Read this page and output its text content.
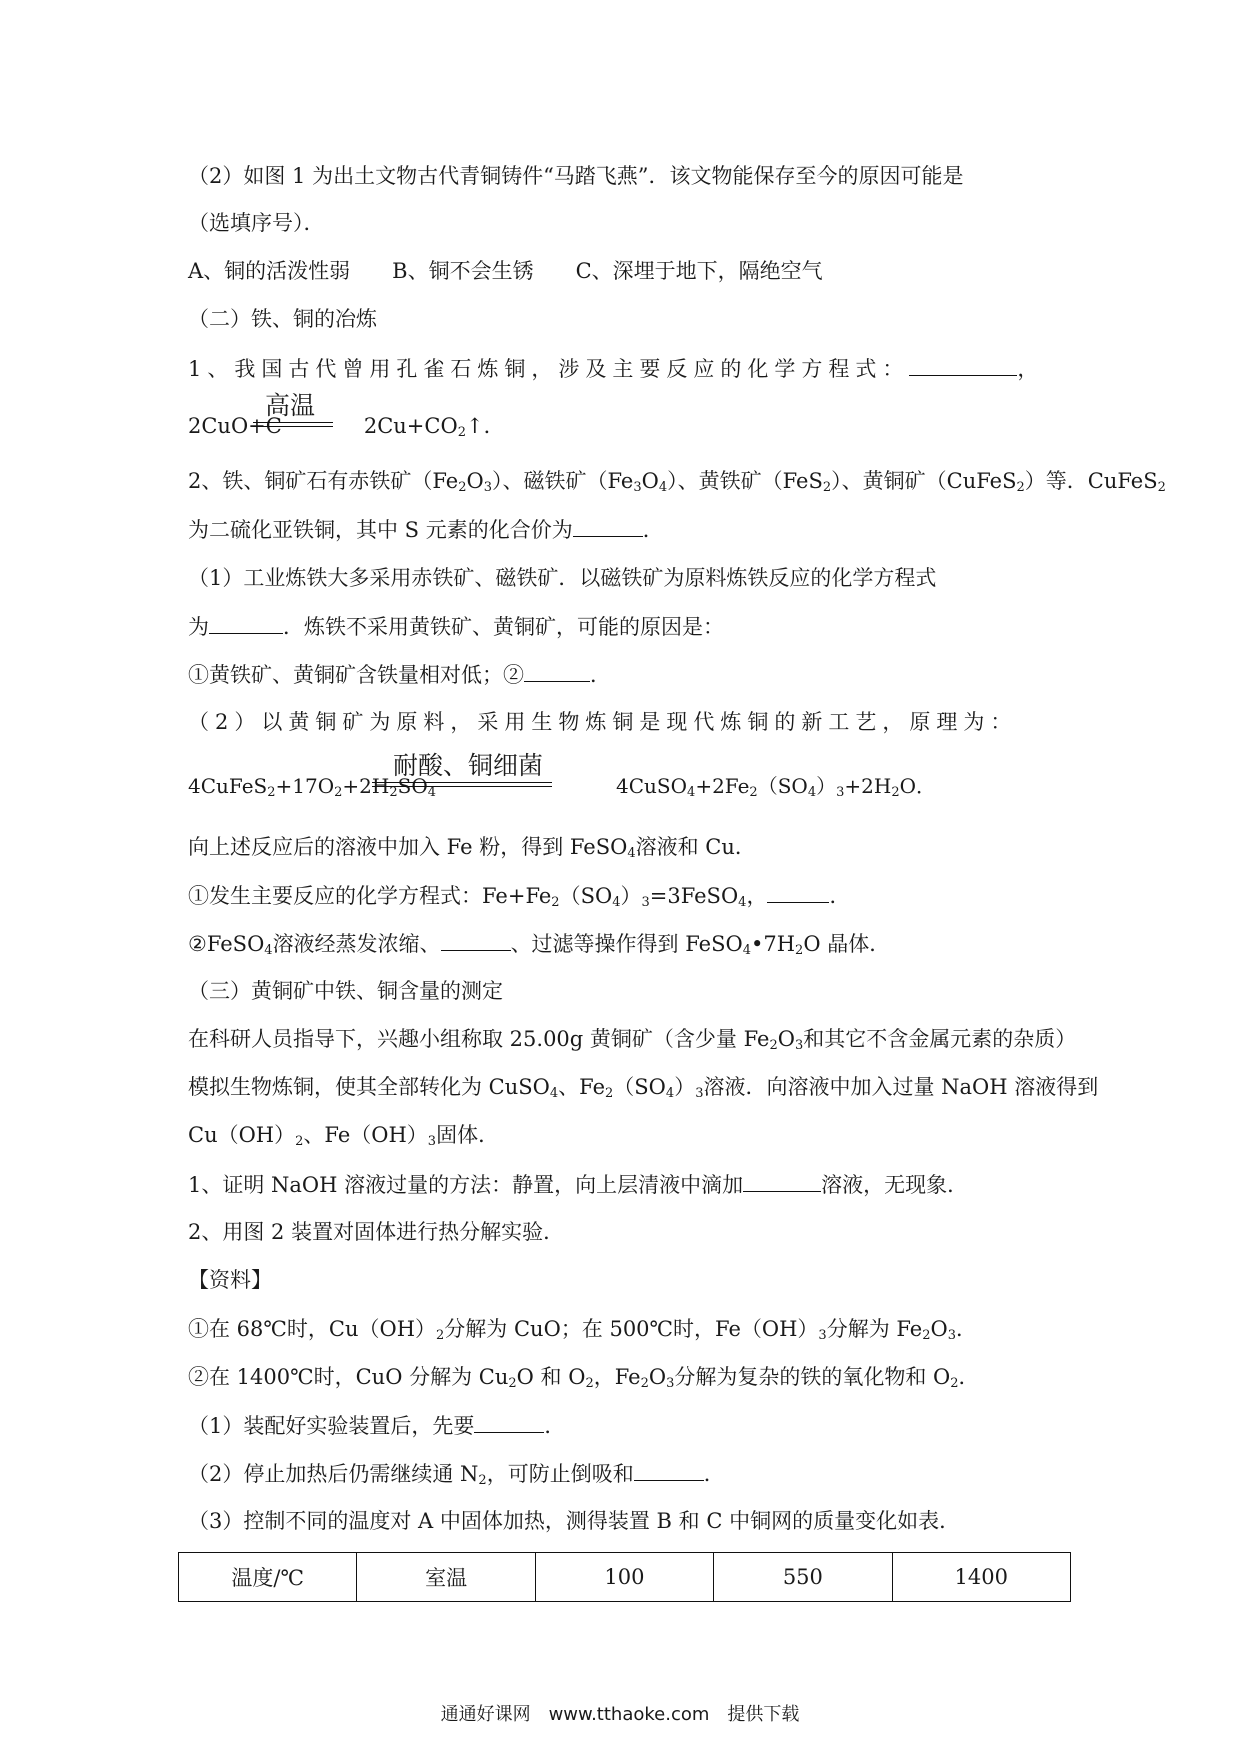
（2）如图 1 为出土文物古代青铜铸件“马踏飞燕”．该文物能保存至今的原因可能是
（选填序号）．
A、铜的活泼性弱　　B、铜不会生锈　　C、深埋于地下，隔绝空气
（二）铁、铜的冶炼
1、我国古代曾用孔雀石炼铜，涉及主要反应的化学方程式：	，
2CuO+C	$2Cu+CO_2↑$．
高温
2、铁、铜矿石有赤铁矿$(Fe_2O_3)$、磁铁矿$(Fe_3O_4)$、黄铁矿（FeS$_2$）、黄铜矿（CuFeS$_2$）等．CuFeS$_2$
为二硫化亚铁铜，其中 S 元素的化合价为	．
（1）工业炼铁大多采用赤铁矿、磁铁矿．以磁铁矿为原料炼铁反应的化学方程式
为	．炼铁不采用黄铁矿、黄铜矿，可能的原因是：
①黄铁矿、黄铜矿含铁量相对低；②	．
（2）以黄铜矿为原料，采用生物炼铜是现代炼铜的新工艺，原理为：
$4CuFeS_2+17O_2+2H_2SO_4$	$4CuSO_4+2Fe_2(SO_4)_3+2H_2O$．
耐酸、铜细菌
向上述反应后的溶液中加入 Fe 粉，得到 FeSO$_4$溶液和 Cu．
①发生主要反应的化学方程式：$Fe+Fe_2(SO_4)_3=3FeSO_4$，	．
②FeSO$_4$溶液经蒸发浓缩、	、过滤等操作得到 $FeSO_4•7H_2O$ 晶体．
（三）黄铜矿中铁、铜含量的测定
在科研人员指导下，兴趣小组称取 25.00g 黄铜矿（含少量 $Fe_2O_3$和其它不含金属元素的杂质）
模拟生物炼铜，使其全部转化为 CuSO$_4$、$Fe_2(SO_4)_3$溶液．向溶液中加入过量 NaOH 溶液得到
$Cu(OH)_2$、$Fe(OH)_3$固体．
1、证明 NaOH 溶液过量的方法：静置，向上层清液中滴加	溶液，无现象．
2、用图 2 装置对固体进行热分解实验．
【资料】
①在 68℃时，$Cu(OH)_2$分解为 CuO；在 500℃时，$Fe(OH)_3$分解为 $Fe_2O_3$．
②在 1400℃时，CuO 分解为 $Cu_2O$ 和 $O_2$，$Fe_2O_3$分解为复杂的铁的氧化物和 $O_2$．
（1）装配好实验装置后，先要	．
（2）停止加热后仍需继续通 $N_2$，可防止倒吸和	．
（3）控制不同的温度对 A 中固体加热，测得装置 B 和 C 中铜网的质量变化如表．
温度/℃	室温	100	550	1400
通通好课网　www.tthaoke.com　提供下载
